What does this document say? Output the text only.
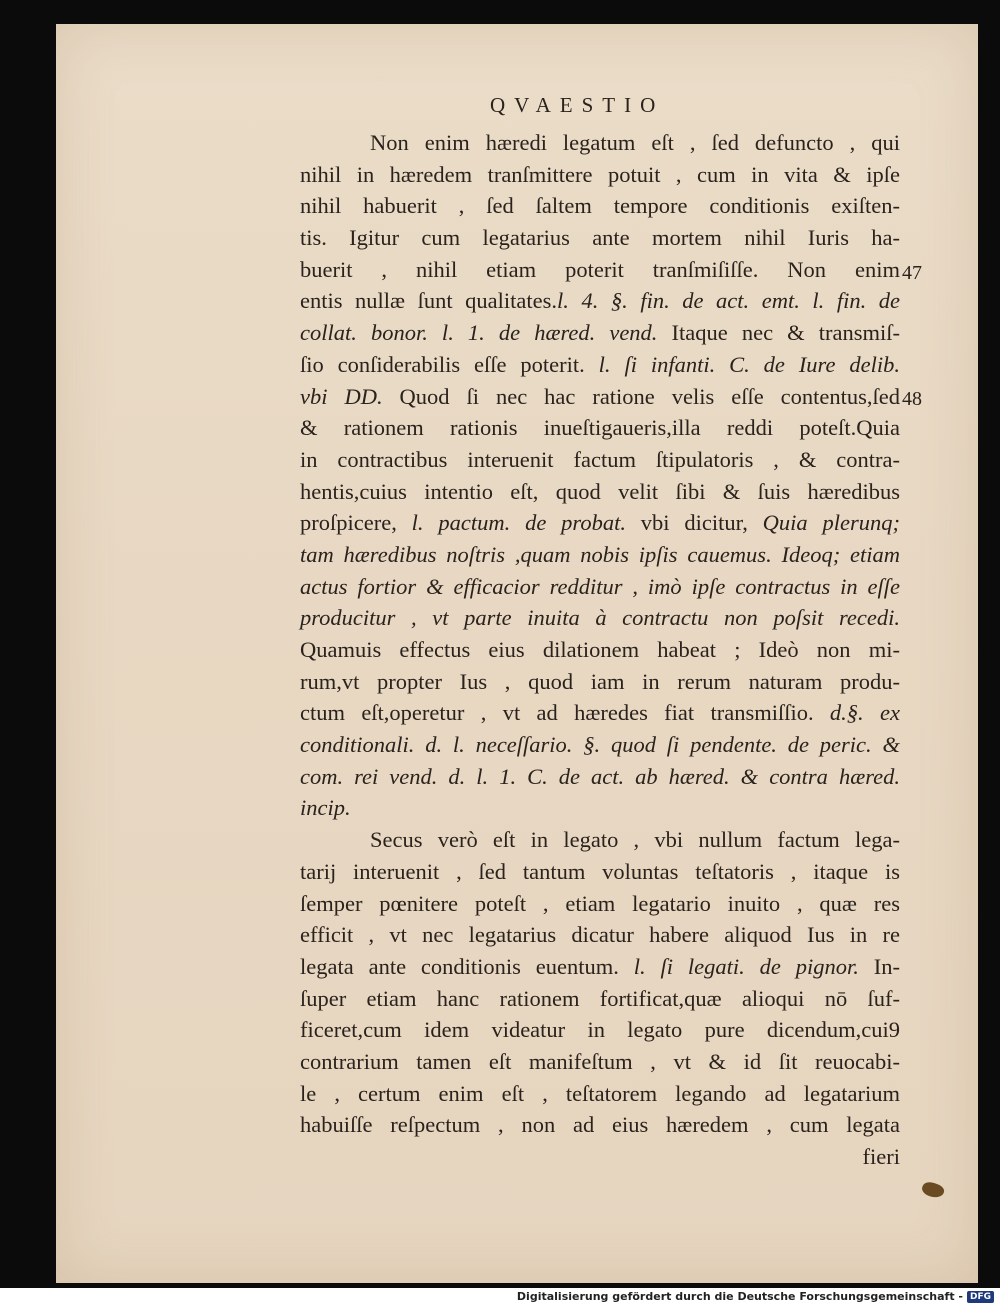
QVAESTIO
Non enim hæredi legatum eſt , ſed defuncto , qui
nihil in hæredem tranſmittere potuit , cum in vita & ipſe
nihil habuerit , ſed ſaltem tempore conditionis exiſten-
tis. Igitur cum legatarius ante mortem nihil Iuris ha-
buerit , nihil etiam poterit tranſmiſiſſe. Non enim
entis nullæ ſunt qualitates.l. 4. §. fin. de act. emt. l. fin. de
collat. bonor. l. 1. de hæred. vend. Itaque nec & transmiſ-
ſio conſiderabilis eſſe poterit. l. ſi infanti. C. de Iure delib.
vbi DD. Quod ſi nec hac ratione velis eſſe contentus,ſed
& rationem rationis inueſtigaueris,illa reddi poteſt.Quia
in contractibus interuenit factum ſtipulatoris , & contra-
hentis,cuius intentio eſt, quod velit ſibi & ſuis hæredibus
proſpicere, l. pactum. de probat. vbi dicitur, Quia plerunq;
tam hæredibus noſtris ,quam nobis ipſis cauemus. Ideoq; etiam
actus fortior & efficacior redditur , imò ipſe contractus in eſſe
producitur , vt parte inuita à contractu non poſsit recedi.
Quamuis effectus eius dilationem habeat ; Ideò non mi-
rum,vt propter Ius , quod iam in rerum naturam produ-
ctum eſt,operetur , vt ad hæredes fiat transmiſſio. d.§. ex
conditionali. d. l. neceſſario. §. quod ſi pendente. de peric. &
com. rei vend. d. l. 1. C. de act. ab hæred. & contra hæred.
incip.
Secus verò eſt in legato , vbi nullum factum lega-
tarij interuenit , ſed tantum voluntas teſtatoris , itaque is
ſemper pœnitere poteſt , etiam legatario inuito , quæ res
efficit , vt nec legatarius dicatur habere aliquod Ius in re
legata ante conditionis euentum. l. ſi legati. de pignor. In-
ſuper etiam hanc rationem fortificat,quæ alioqui nō ſuf-
ficeret,cum idem videatur in legato pure dicendum,cui9
contrarium tamen eſt manifeſtum , vt & id ſit reuocabi-
le , certum enim eſt , teſtatorem legando ad legatarium
habuiſſe reſpectum , non ad eius hæredem , cum legata
fieri
47
48
Digitalisierung gefördert durch die Deutsche Forschungsgemeinschaft - DFG
